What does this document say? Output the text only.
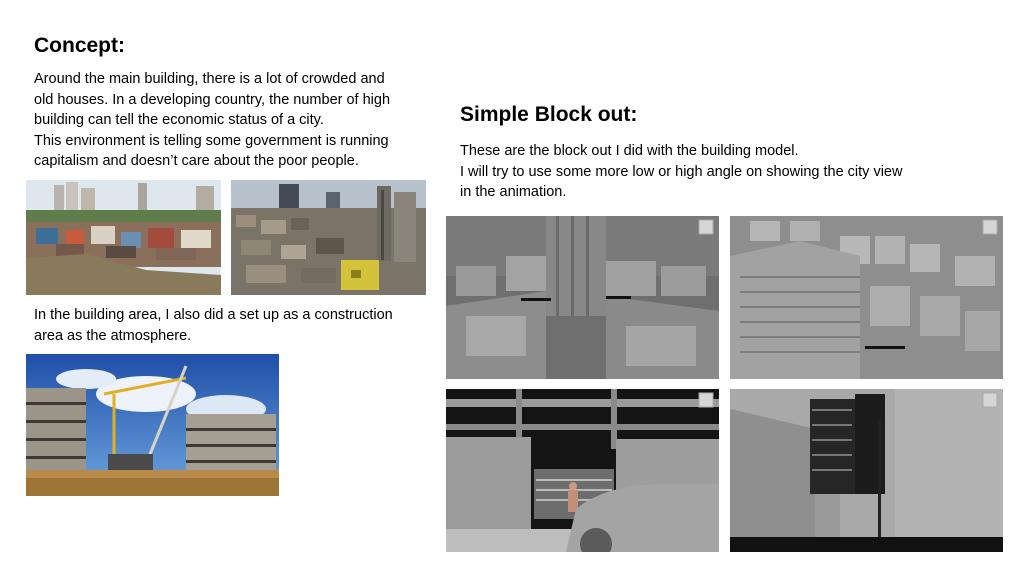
Concept:
Around the main building, there is a lot of crowded and
old houses. In a developing country, the number of high
building can tell the economic status of a city.
This environment is telling some government is running
capitalism and doesn’t care about the poor people.
In the building area, I also did a set up as a construction
area as the atmosphere.
Simple Block out:
These are the block out I did with the building model.
I will try to use some more low or high angle on showing the city view
in the animation.
